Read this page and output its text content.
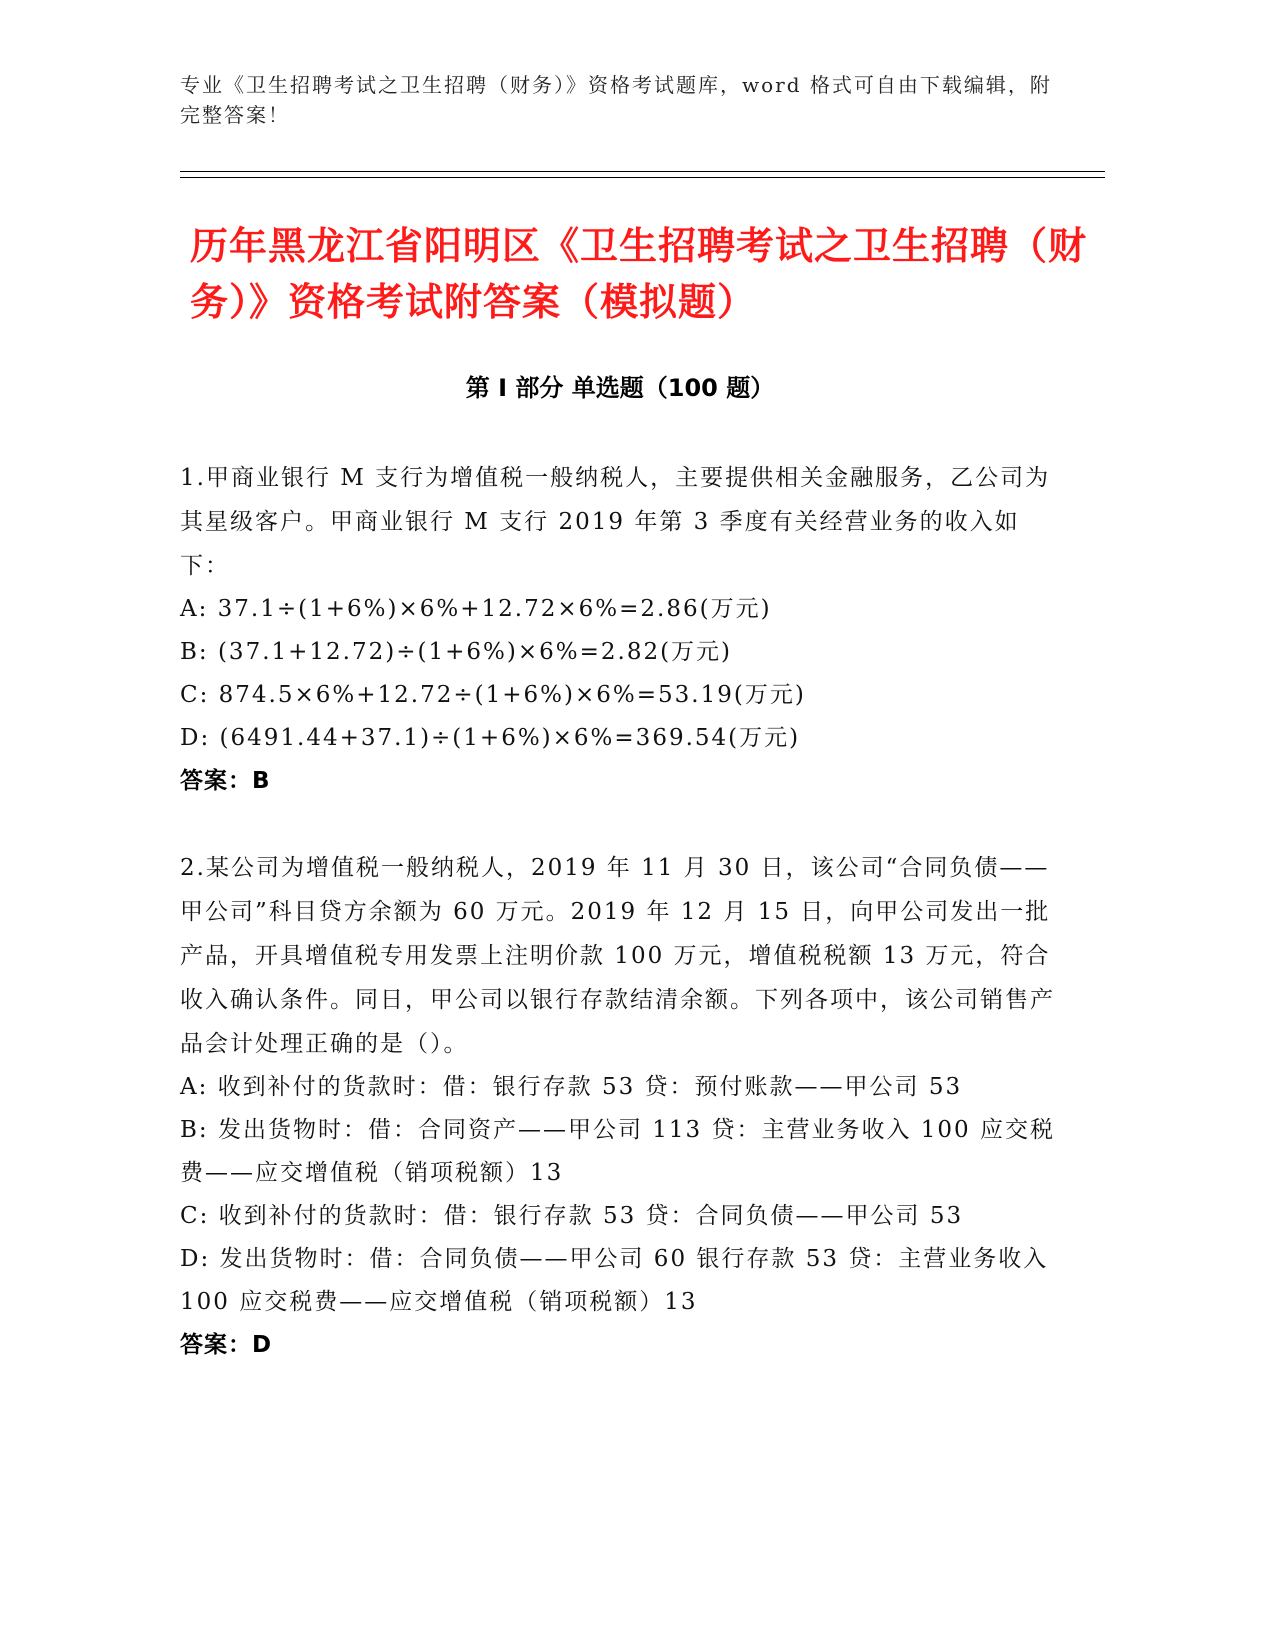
专业《卫生招聘考试之卫生招聘（财务）》资格考试题库，word 格式可自由下载编辑，附完整答案！
历年黑龙江省阳明区《卫生招聘考试之卫生招聘（财务）》资格考试附答案（模拟题）
第 I 部分 单选题（100 题）

1.甲商业银行 M 支行为增值税一般纳税人，主要提供相关金融服务，乙公司为其星级客户。甲商业银行 M 支行 2019 年第 3 季度有关经营业务的收入如下：

A: 37.1÷(1+6%)×6%+12.72×6%=2.86(万元)

B: (37.1+12.72)÷(1+6%)×6%=2.82(万元)

C: 874.5×6%+12.72÷(1+6%)×6%=53.19(万元)

D: (6491.44+37.1)÷(1+6%)×6%=369.54(万元)

答案：B

2.某公司为增值税一般纳税人，2019 年 11 月 30 日，该公司“合同负债——甲公司”科目贷方余额为 60 万元。2019 年 12 月 15 日，向甲公司发出一批产品，开具增值税专用发票上注明价款 100 万元，增值税税额 13 万元，符合收入确认条件。同日，甲公司以银行存款结清余额。下列各项中，该公司销售产品会计处理正确的是（）。

A: 收到补付的货款时：借：银行存款 53 贷：预付账款——甲公司 53

B: 发出货物时：借：合同资产——甲公司 113 贷：主营业务收入 100 应交税费——应交增值税（销项税额）13

C: 收到补付的货款时：借：银行存款 53 贷：合同负债——甲公司 53

D: 发出货物时：借：合同负债——甲公司 60 银行存款 53 贷：主营业务收入 100 应交税费——应交增值税（销项税额）13

答案：D
